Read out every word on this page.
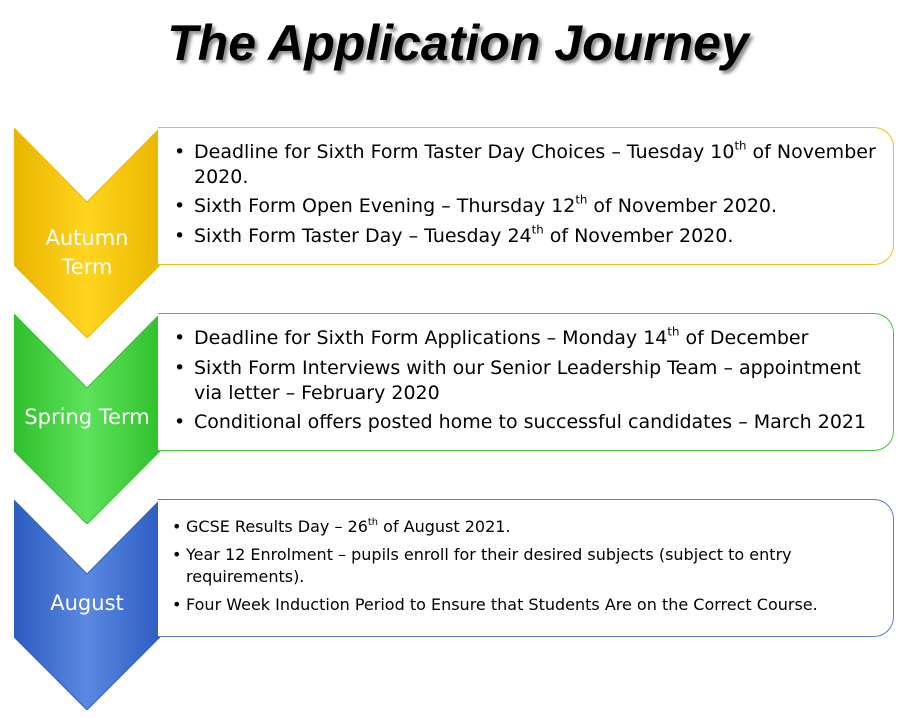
The Application Journey
Autumn
Term
• Deadline for Sixth Form Taster Day Choices – Tuesday 10th of November 2020.
• Sixth Form Open Evening – Thursday 12th of November 2020.
• Sixth Form Taster Day – Tuesday 24th of November 2020.
Spring Term
• Deadline for Sixth Form Applications – Monday 14th of December
• Sixth Form Interviews with our Senior Leadership Team – appointment via letter – February 2020
• Conditional offers posted home to successful candidates – March 2021
August
• GCSE Results Day – 26th of August 2021.
• Year 12 Enrolment – pupils enroll for their desired subjects (subject to entry requirements).
• Four Week Induction Period to Ensure that Students Are on the Correct Course.
